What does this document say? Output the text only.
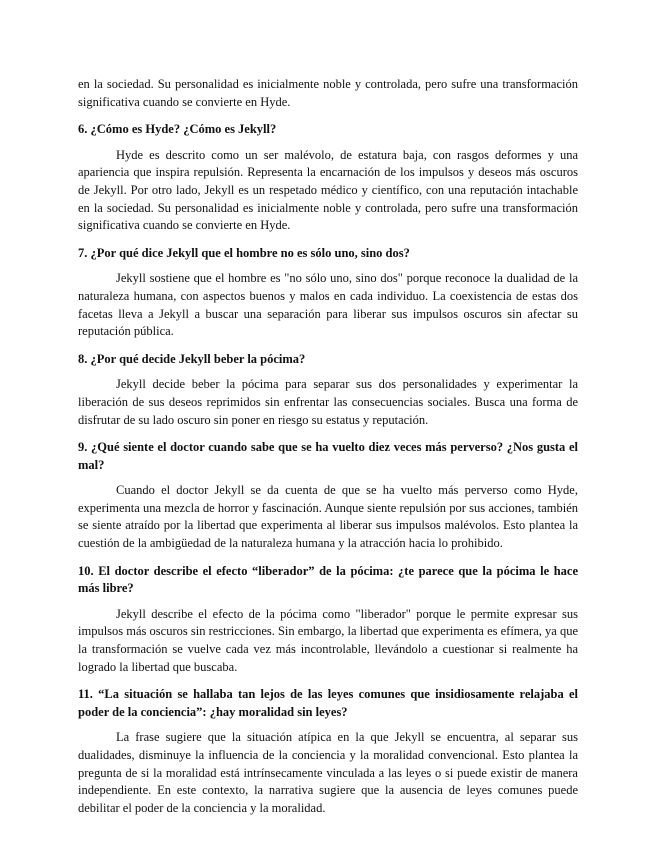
en la sociedad. Su personalidad es inicialmente noble y controlada, pero sufre una transformación significativa cuando se convierte en Hyde.

6. ¿Cómo es Hyde? ¿Cómo es Jekyll?

Hyde es descrito como un ser malévolo, de estatura baja, con rasgos deformes y una apariencia que inspira repulsión. Representa la encarnación de los impulsos y deseos más oscuros de Jekyll. Por otro lado, Jekyll es un respetado médico y científico, con una reputación intachable en la sociedad. Su personalidad es inicialmente noble y controlada, pero sufre una transformación significativa cuando se convierte en Hyde.

7. ¿Por qué dice Jekyll que el hombre no es sólo uno, sino dos?

Jekyll sostiene que el hombre es "no sólo uno, sino dos" porque reconoce la dualidad de la naturaleza humana, con aspectos buenos y malos en cada individuo. La coexistencia de estas dos facetas lleva a Jekyll a buscar una separación para liberar sus impulsos oscuros sin afectar su reputación pública.

8. ¿Por qué decide Jekyll beber la pócima?

Jekyll decide beber la pócima para separar sus dos personalidades y experimentar la liberación de sus deseos reprimidos sin enfrentar las consecuencias sociales. Busca una forma de disfrutar de su lado oscuro sin poner en riesgo su estatus y reputación.

9. ¿Qué siente el doctor cuando sabe que se ha vuelto diez veces más perverso? ¿Nos gusta el mal?

Cuando el doctor Jekyll se da cuenta de que se ha vuelto más perverso como Hyde, experimenta una mezcla de horror y fascinación. Aunque siente repulsión por sus acciones, también se siente atraído por la libertad que experimenta al liberar sus impulsos malévolos. Esto plantea la cuestión de la ambigüedad de la naturaleza humana y la atracción hacia lo prohibido.

10. El doctor describe el efecto “liberador” de la pócima: ¿te parece que la pócima le hace más libre?

Jekyll describe el efecto de la pócima como "liberador" porque le permite expresar sus impulsos más oscuros sin restricciones. Sin embargo, la libertad que experimenta es efímera, ya que la transformación se vuelve cada vez más incontrolable, llevándolo a cuestionar si realmente ha logrado la libertad que buscaba.

11. “La situación se hallaba tan lejos de las leyes comunes que insidiosamente relajaba el poder de la conciencia”: ¿hay moralidad sin leyes?

La frase sugiere que la situación atípica en la que Jekyll se encuentra, al separar sus dualidades, disminuye la influencia de la conciencia y la moralidad convencional. Esto plantea la pregunta de si la moralidad está intrínsecamente vinculada a las leyes o si puede existir de manera independiente. En este contexto, la narrativa sugiere que la ausencia de leyes comunes puede debilitar el poder de la conciencia y la moralidad.
